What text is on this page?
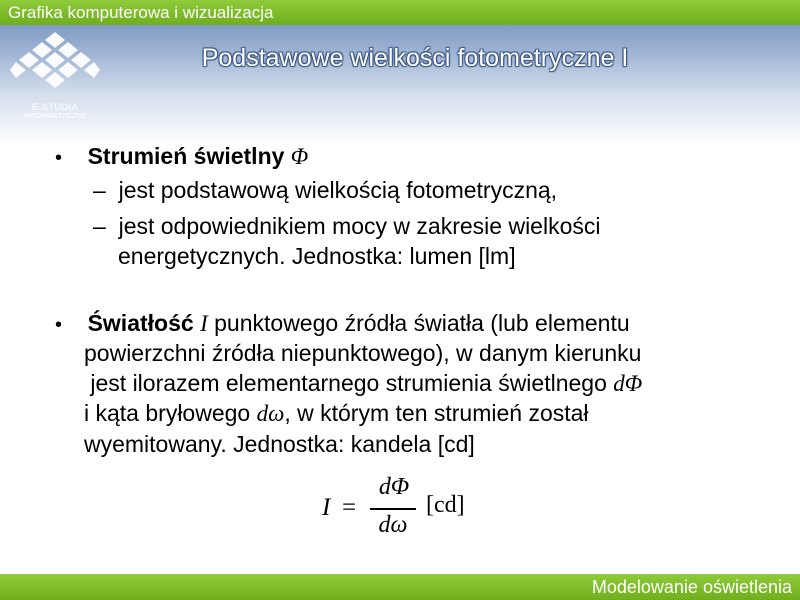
Grafika komputerowa i wizualizacja
E-STUDIA
INFORMATYCZNE
Podstawowe wielkości fotometryczne I
• Strumień świetlny Φ
– jest podstawową wielkością fotometryczną,
– jest odpowiednikiem mocy w zakresie wielkości
energetycznych. Jednostka: lumen [lm]
• Światłość I punktowego źródła światła (lub elementu
powierzchni źródła niepunktowego), w danym kierunku
jest ilorazem elementarnego strumienia świetlnego dΦ
i kąta bryłowego dω, w którym ten strumień został
wyemitowany. Jednostka: kandela [cd]
I =
dΦ
dω
[cd]
Modelowanie oświetlenia
